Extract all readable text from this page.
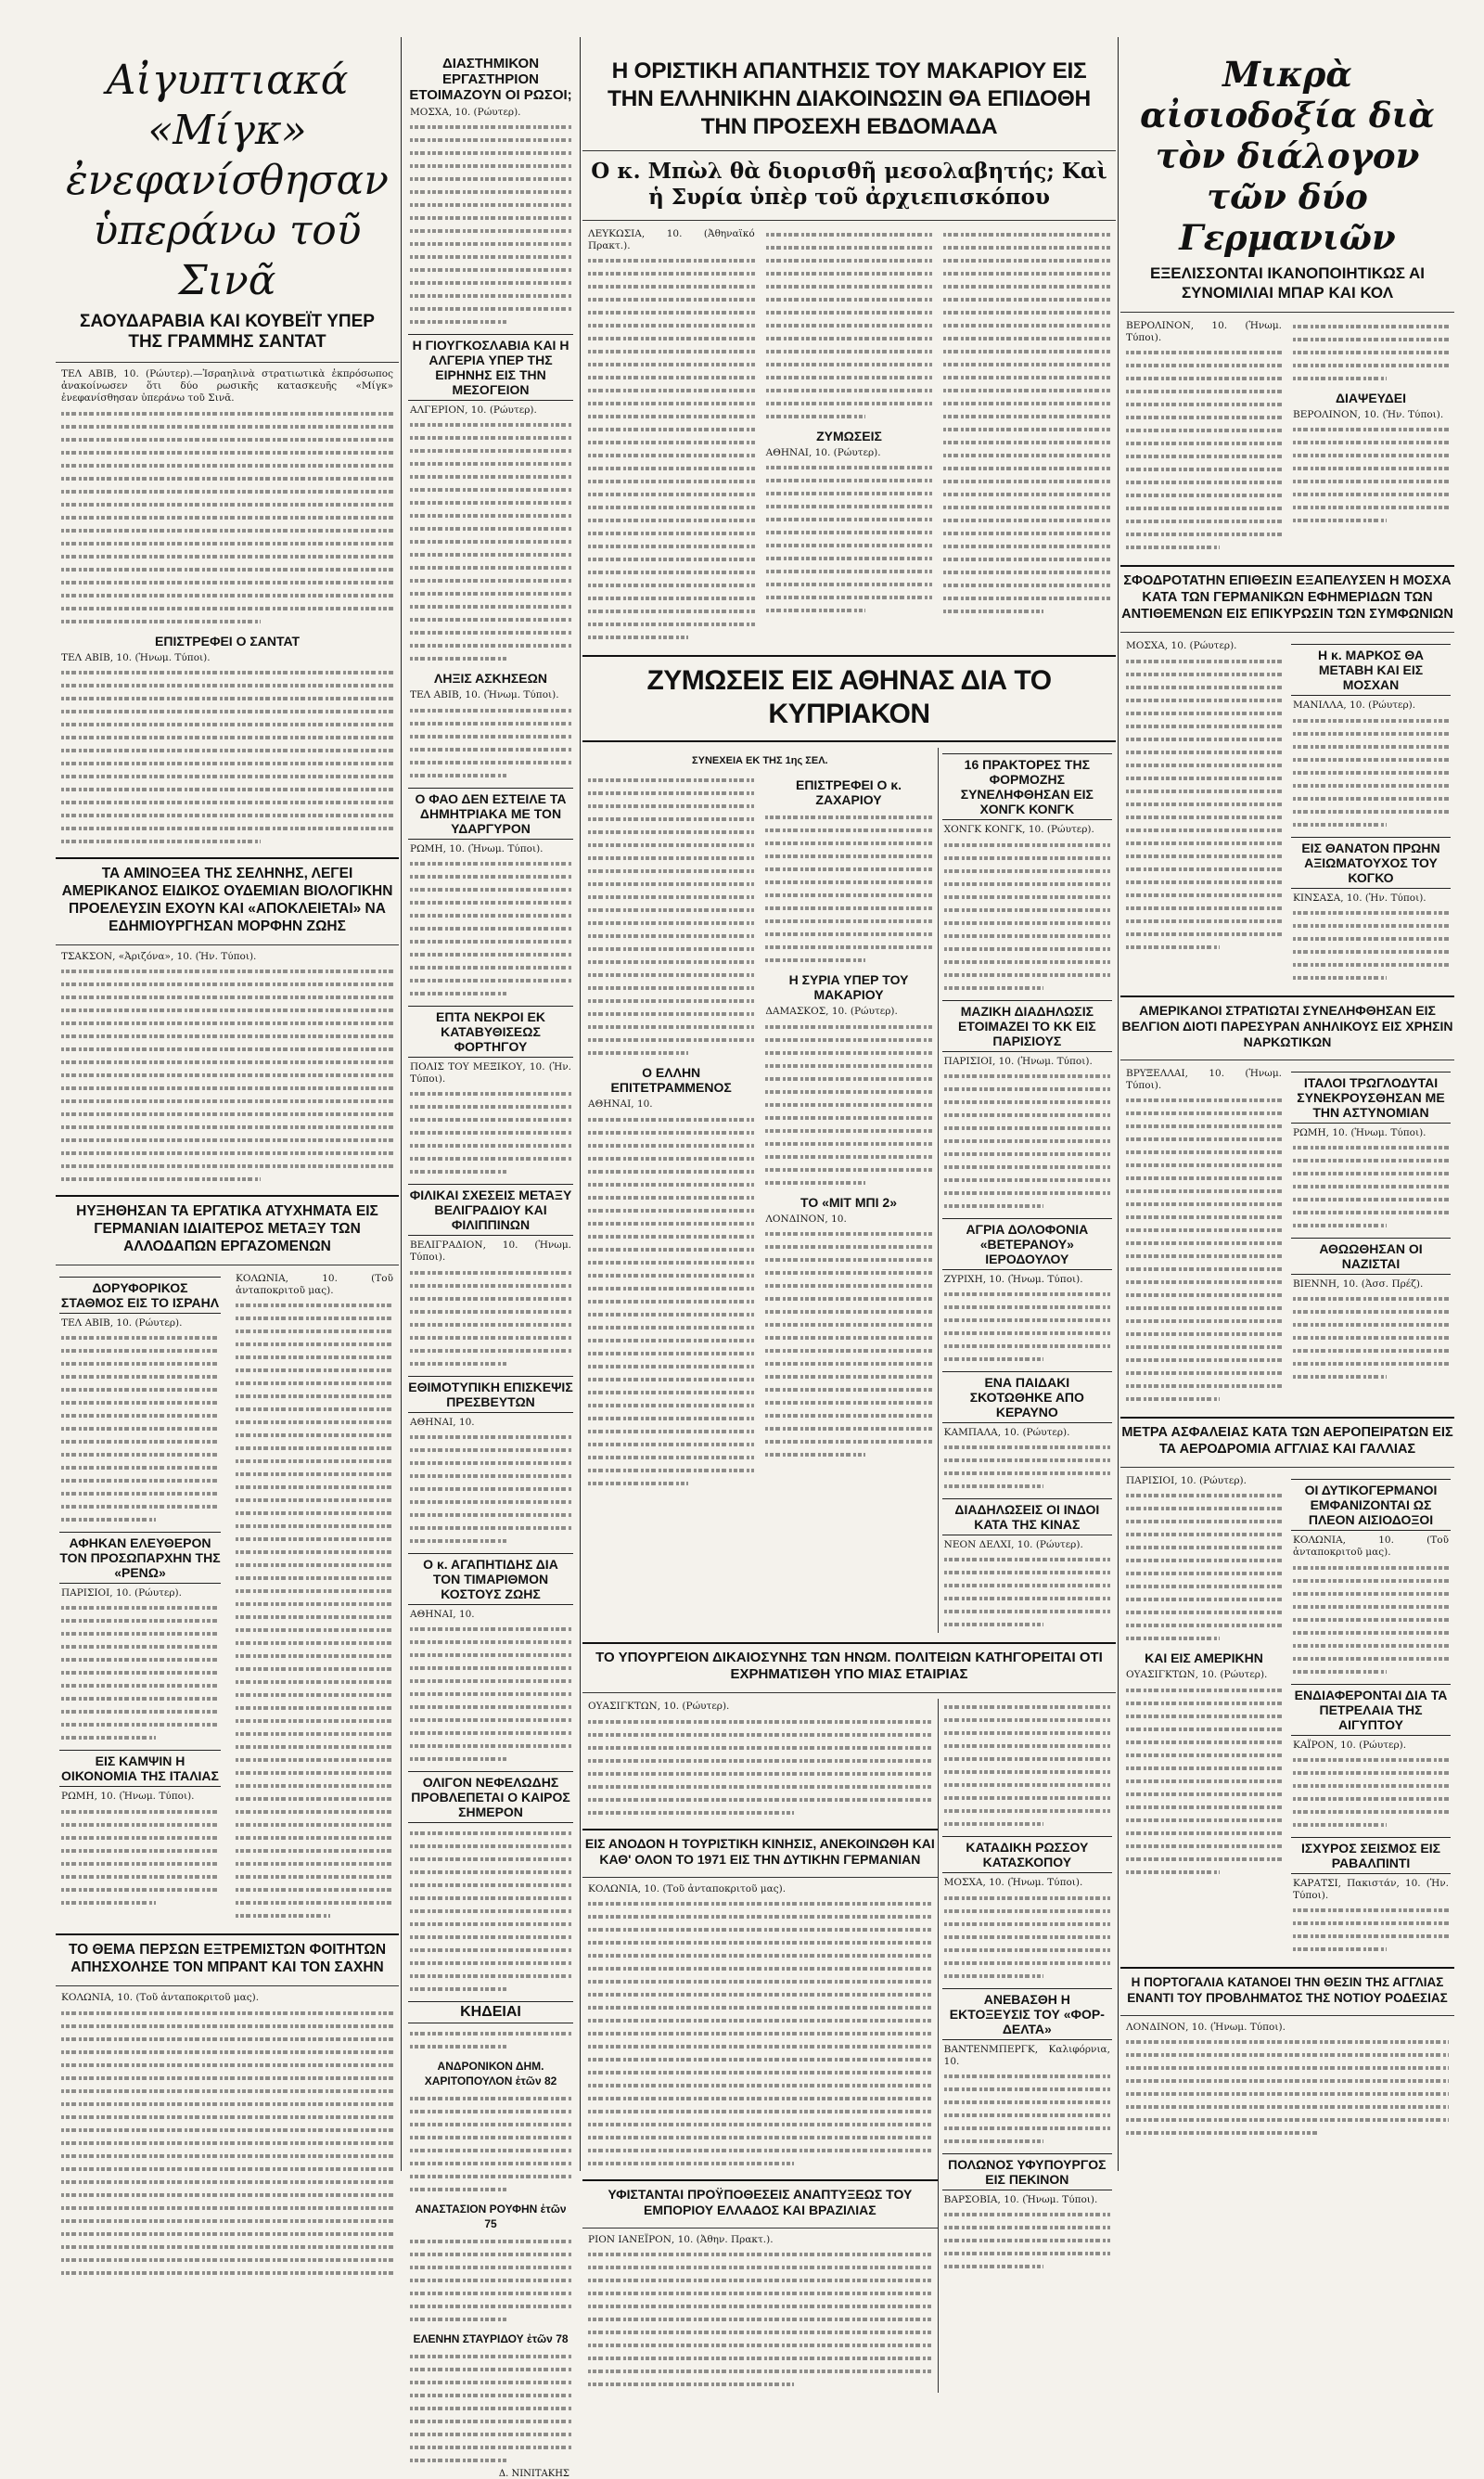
Αἰγυπτιακά «Μίγκ» ἐνεφανίσθησαν ὑπεράνω τοῦ Σινᾶ
ΣΑΟΥΔΑΡΑΒΙΑ ΚΑΙ ΚΟΥΒΕΪΤ ΥΠΕΡ ΤΗΣ ΓΡΑΜΜΗΣ ΣΑΝΤΑΤ
ΤΕΛ ΑΒΙΒ, 10. (Ρώυτερ).—Ἰσραηλινὰ στρατιωτικὰ ἐκπρόσωπος ἀνακοίνωσεν ὅτι δύο ρωσικῆς κατασκευῆς «Μίγκ» ἐνεφανίσθησαν ὑπεράνω τοῦ Σινᾶ.
ΕΠΙΣΤΡΕΦΕΙ Ο ΣΑΝΤΑΤ
ΤΕΛ ΑΒΙΒ, 10. (Ἡνωμ. Τύποι).
ΤΑ ΑΜΙΝΟΞΕΑ ΤΗΣ ΣΕΛΗΝΗΣ, ΛΕΓΕΙ ΑΜΕΡΙΚΑΝΟΣ ΕΙΔΙΚΟΣ ΟΥΔΕΜΙΑΝ ΒΙΟΛΟΓΙΚΗΝ ΠΡΟΕΛΕΥΣΙΝ ΕΧΟΥΝ ΚΑΙ «ΑΠΟΚΛΕΙΕΤΑΙ» ΝΑ ΕΔΗΜΙΟΥΡΓΗΣΑΝ ΜΟΡΦΗΝ ΖΩΗΣ
ΤΣΑΚΣΟΝ, «Ἀριζόνα», 10. (Ἡν. Τύποι).
ΗΥΞΗΘΗΣΑΝ ΤΑ ΕΡΓΑΤΙΚΑ ΑΤΥΧΗΜΑΤΑ ΕΙΣ ΓΕΡΜΑΝΙΑΝ ΙΔΙΑΙΤΕΡΟΣ ΜΕΤΑΞΥ ΤΩΝ ΑΛΛΟΔΑΠΩΝ ΕΡΓΑΖΟΜΕΝΩΝ
ΔΟΡΥΦΟΡΙΚΟΣ ΣΤΑΘΜΟΣ ΕΙΣ ΤΟ ΙΣΡΑΗΛ
ΤΕΛ ΑΒΙΒ, 10. (Ρώυτερ).
ΑΦΗΚΑΝ ΕΛΕΥΘΕΡΟΝ ΤΟΝ ΠΡΟΣΩΠΑΡΧΗΝ ΤΗΣ «ΡΕΝΩ»
ΠΑΡΙΣΙΟΙ, 10. (Ρώυτερ).
ΕΙΣ ΚΑΜΨΙΝ Η ΟΙΚΟΝΟΜΙΑ ΤΗΣ ΙΤΑΛΙΑΣ
ΡΩΜΗ, 10. (Ἡνωμ. Τύποι).
ΚΟΛΩΝΙΑ, 10. (Τοῦ ἀνταποκριτοῦ μας).
ΤΟ ΘΕΜΑ ΠΕΡΣΩΝ ΕΞΤΡΕΜΙΣΤΩΝ ΦΟΙΤΗΤΩΝ ΑΠΗΣΧΟΛΗΣΕ ΤΟΝ ΜΠΡΑΝΤ ΚΑΙ ΤΟΝ ΣΑΧΗΝ
ΚΟΛΩΝΙΑ, 10. (Τοῦ ἀνταποκριτοῦ μας).
ΔΙΑΣΤΗΜΙΚΟΝ ΕΡΓΑΣΤΗΡΙΟΝ ΕΤΟΙΜΑΖΟΥΝ ΟΙ ΡΩΣΟΙ;
ΜΟΣΧΑ, 10. (Ρώυτερ).
Η ΓΙΟΥΓΚΟΣΛΑΒΙΑ ΚΑΙ Η ΑΛΓΕΡΙΑ ΥΠΕΡ ΤΗΣ ΕΙΡΗΝΗΣ ΕΙΣ ΤΗΝ ΜΕΣΟΓΕΙΟΝ
ΑΛΓΕΡΙΟΝ, 10. (Ρώυτερ).
ΛΗΞΙΣ ΑΣΚΗΣΕΩΝ
ΤΕΛ ΑΒΙΒ, 10. (Ἡνωμ. Τύποι).
Ο ΦΑΟ ΔΕΝ ΕΣΤΕΙΛΕ ΤΑ ΔΗΜΗΤΡΙΑΚΑ ΜΕ ΤΟΝ ΥΔΑΡΓΥΡΟΝ
ΡΩΜΗ, 10. (Ἡνωμ. Τύποι).
ΕΠΤΑ ΝΕΚΡΟΙ ΕΚ ΚΑΤΑΒΥΘΙΣΕΩΣ ΦΟΡΤΗΓΟΥ
ΠΟΛΙΣ ΤΟΥ ΜΕΞΙΚΟΥ, 10. (Ἡν. Τύποι).
ΦΙΛΙΚΑΙ ΣΧΕΣΕΙΣ ΜΕΤΑΞΥ ΒΕΛΙΓΡΑΔΙΟΥ ΚΑΙ ΦΙΛΙΠΠΙΝΩΝ
ΒΕΛΙΓΡΑΔΙΟΝ, 10. (Ἡνωμ. Τύποι).
ΕΘΙΜΟΤΥΠΙΚΗ ΕΠΙΣΚΕΨΙΣ ΠΡΕΣΒΕΥΤΩΝ
ΑΘΗΝΑΙ, 10.
Ο κ. ΑΓΑΠΗΤΙΔΗΣ ΔΙΑ ΤΟΝ ΤΙΜΑΡΙΘΜΟΝ ΚΟΣΤΟΥΣ ΖΩΗΣ
ΑΘΗΝΑΙ, 10.
ΟΛΙΓΟΝ ΝΕΦΕΛΩΔΗΣ ΠΡΟΒΛΕΠΕΤΑΙ Ο ΚΑΙΡΟΣ ΣΗΜΕΡΟΝ
ΚΗΔΕΙΑΙ
ΑΝΔΡΟΝΙΚΟΝ ΔΗΜ. ΧΑΡΙΤΟΠΟΥΛΟΝ ἐτῶν 82
ΑΝΑΣΤΑΣΙΟΝ ΡΟΥΦΗΝ ἐτῶν 75
ΕΛΕΝΗΝ ΣΤΑΥΡΙΔΟΥ ἐτῶν 78
Δ. ΝΙΝΙΤΑΚΗΣ
Η ΟΡΙΣΤΙΚΗ ΑΠΑΝΤΗΣΙΣ ΤΟΥ ΜΑΚΑΡΙΟΥ ΕΙΣ ΤΗΝ ΕΛΛΗΝΙΚΗΝ ΔΙΑΚΟΙΝΩΣΙΝ ΘΑ ΕΠΙΔΟΘΗ ΤΗΝ ΠΡΟΣΕΧΗ ΕΒΔΟΜΑΔΑ
Ο κ. Μπὼλ θὰ διορισθῆ μεσολαβητής; Καὶ ἡ Συρία ὑπὲρ τοῦ ἀρχιεπισκόπου
ΛΕΥΚΩΣΙΑ, 10. (Ἀθηναϊκό Πρακτ.).
ΖΥΜΩΣΕΙΣ
ΑΘΗΝΑΙ, 10. (Ρώυτερ).
ΖΥΜΩΣΕΙΣ ΕΙΣ ΑΘΗΝΑΣ ΔΙΑ ΤΟ ΚΥΠΡΙΑΚΟΝ
ΣΥΝΕΧΕΙΑ ΕΚ ΤΗΣ 1ης ΣΕΛ.
Ο ΕΛΛΗΝ ΕΠΙΤΕΤΡΑΜΜΕΝΟΣ
ΑΘΗΝΑΙ, 10.
ΕΠΙΣΤΡΕΦΕΙ Ο κ. ΖΑΧΑΡΙΟΥ
Η ΣΥΡΙΑ ΥΠΕΡ ΤΟΥ ΜΑΚΑΡΙΟΥ
ΔΑΜΑΣΚΟΣ, 10. (Ρώυτερ).
ΤΟ «ΜΙΤ ΜΠΙ 2»
ΛΟΝΔΙΝΟΝ, 10.
16 ΠΡΑΚΤΟΡΕΣ ΤΗΣ ΦΟΡΜΟΖΗΣ ΣΥΝΕΛΗΦΘΗΣΑΝ ΕΙΣ ΧΟΝΓΚ ΚΟΝΓΚ
ΧΟΝΓΚ ΚΟΝΓΚ, 10. (Ρώυτερ).
ΜΑΖΙΚΗ ΔΙΑΔΗΛΩΣΙΣ ΕΤΟΙΜΑΖΕΙ ΤΟ ΚΚ ΕΙΣ ΠΑΡΙΣΙΟΥΣ
ΠΑΡΙΣΙΟΙ, 10. (Ἡνωμ. Τύποι).
ΑΓΡΙΑ ΔΟΛΟΦΟΝΙΑ «ΒΕΤΕΡΑΝΟΥ» ΙΕΡΟΔΟΥΛΟΥ
ΖΥΡΙΧΗ, 10. (Ἡνωμ. Τύποι).
ΕΝΑ ΠΑΙΔΑΚΙ ΣΚΟΤΩΘΗΚΕ ΑΠΟ ΚΕΡΑΥΝΟ
ΚΑΜΠΑΛΑ, 10. (Ρώυτερ).
ΔΙΑΔΗΛΩΣΕΙΣ ΟΙ ΙΝΔΟΙ ΚΑΤΑ ΤΗΣ ΚΙΝΑΣ
ΝΕΟΝ ΔΕΛΧΙ, 10. (Ρώυτερ).
ΤΟ ΥΠΟΥΡΓΕΙΟΝ ΔΙΚΑΙΟΣΥΝΗΣ ΤΩΝ ΗΝΩΜ. ΠΟΛΙΤΕΙΩΝ ΚΑΤΗΓΟΡΕΙΤΑΙ ΟΤΙ ΕΧΡΗΜΑΤΙΣΘΗ ΥΠΟ ΜΙΑΣ ΕΤΑΙΡΙΑΣ
ΟΥΑΣΙΓΚΤΩΝ, 10. (Ρώυτερ).
ΕΙΣ ΑΝΟΔΟΝ Η ΤΟΥΡΙΣΤΙΚΗ ΚΙΝΗΣΙΣ, ΑΝΕΚΟΙΝΩΘΗ ΚΑΙ ΚΑΘ' ΟΛΟΝ ΤΟ 1971 ΕΙΣ ΤΗΝ ΔΥΤΙΚΗΝ ΓΕΡΜΑΝΙΑΝ
ΚΟΛΩΝΙΑ, 10. (Τοῦ ἀνταποκριτοῦ μας).
ΥΦΙΣΤΑΝΤΑΙ ΠΡΟΫΠΟΘΕΣΕΙΣ ΑΝΑΠΤΥΞΕΩΣ ΤΟΥ ΕΜΠΟΡΙΟΥ ΕΛΛΑΔΟΣ ΚΑΙ ΒΡΑΖΙΛΙΑΣ
ΡΙΟΝ ΙΑΝΕΪΡΟΝ, 10. (Ἀθην. Πρακτ.).
ΚΑΤΑΔΙΚΗ ΡΩΣΣΟΥ ΚΑΤΑΣΚΟΠΟΥ
ΜΟΣΧΑ, 10. (Ἡνωμ. Τύποι).
ΑΝΕΒΑΣΘΗ Η ΕΚΤΟΞΕΥΣΙΣ ΤΟΥ «ΦΟΡ-ΔΕΛΤΑ»
ΒΑΝΤΕΝΜΠΕΡΓΚ, Καλιφόρνια, 10.
ΠΟΛΩΝΟΣ ΥΦΥΠΟΥΡΓΟΣ ΕΙΣ ΠΕΚΙΝΟΝ
ΒΑΡΣΟΒΙΑ, 10. (Ἡνωμ. Τύποι).
Μικρὰ αἰσιοδοξία διὰ τὸν διάλογον τῶν δύο Γερμανιῶν
ΕΞΕΛΙΣΣΟΝΤΑΙ ΙΚΑΝΟΠΟΙΗΤΙΚΩΣ ΑΙ ΣΥΝΟΜΙΛΙΑΙ ΜΠΑΡ ΚΑΙ ΚΟΛ
ΒΕΡΟΛΙΝΟΝ, 10. (Ἡνωμ. Τύποι).
ΔΙΑΨΕΥΔΕΙ
ΒΕΡΟΛΙΝΟΝ, 10. (Ἡν. Τύποι).
ΣΦΟΔΡΟΤΑΤΗΝ ΕΠΙΘΕΣΙΝ ΕΞΑΠΕΛΥΣΕΝ Η ΜΟΣΧΑ ΚΑΤΑ ΤΩΝ ΓΕΡΜΑΝΙΚΩΝ ΕΦΗΜΕΡΙΔΩΝ ΤΩΝ ΑΝΤΙΘΕΜΕΝΩΝ ΕΙΣ ΕΠΙΚΥΡΩΣΙΝ ΤΩΝ ΣΥΜΦΩΝΙΩΝ
ΜΟΣΧΑ, 10. (Ρώυτερ).
Η κ. ΜΑΡΚΟΣ ΘΑ ΜΕΤΑΒΗ ΚΑΙ ΕΙΣ ΜΟΣΧΑΝ
ΜΑΝΙΛΛΑ, 10. (Ρώυτερ).
ΕΙΣ ΘΑΝΑΤΟΝ ΠΡΩΗΝ ΑΞΙΩΜΑΤΟΥΧΟΣ ΤΟΥ ΚΟΓΚΟ
ΚΙΝΣΑΣΑ, 10. (Ἡν. Τύποι).
ΑΜΕΡΙΚΑΝΟΙ ΣΤΡΑΤΙΩΤΑΙ ΣΥΝΕΛΗΦΘΗΣΑΝ ΕΙΣ ΒΕΛΓΙΟΝ ΔΙΟΤΙ ΠΑΡΕΣΥΡΑΝ ΑΝΗΛΙΚΟΥΣ ΕΙΣ ΧΡΗΣΙΝ ΝΑΡΚΩΤΙΚΩΝ
ΒΡΥΞΕΛΛΑΙ, 10. (Ἡνωμ. Τύποι).	ΙΤΑΛΟΙ ΤΡΩΓΛΟΔΥΤΑΙ ΣΥΝΕΚΡΟΥΣΘΗΣΑΝ ΜΕ ΤΗΝ ΑΣΤΥΝΟΜΙΑΝ
ΡΩΜΗ, 10. (Ἡνωμ. Τύποι).
ΑΘΩΩΘΗΣΑΝ ΟΙ ΝΑΖΙΣΤΑΙ
ΒΙΕΝΝΗ, 10. (Ἀσσ. Πρέζ).
ΜΕΤΡΑ ΑΣΦΑΛΕΙΑΣ ΚΑΤΑ ΤΩΝ ΑΕΡΟΠΕΙΡΑΤΩΝ ΕΙΣ ΤΑ ΑΕΡΟΔΡΟΜΙΑ ΑΓΓΛΙΑΣ ΚΑΙ ΓΑΛΛΙΑΣ
ΠΑΡΙΣΙΟΙ, 10. (Ρώυτερ).
ΚΑΙ ΕΙΣ ΑΜΕΡΙΚΗΝ
ΟΥΑΣΙΓΚΤΩΝ, 10. (Ρώυτερ).
ΟΙ ΔΥΤΙΚΟΓΕΡΜΑΝΟΙ ΕΜΦΑΝΙΖΟΝΤΑΙ ΩΣ ΠΛΕΟΝ ΑΙΣΙΟΔΟΞΟΙ
ΚΟΛΩΝΙΑ, 10. (Τοῦ ἀνταποκριτοῦ μας).
ΕΝΔΙΑΦΕΡΟΝΤΑΙ ΔΙΑ ΤΑ ΠΕΤΡΕΛΑΙΑ ΤΗΣ ΑΙΓΥΠΤΟΥ
ΚΑΪΡΟΝ, 10. (Ρώυτερ).
ΙΣΧΥΡΟΣ ΣΕΙΣΜΟΣ ΕΙΣ ΡΑΒΑΛΠΙΝΤΙ
ΚΑΡΑΤΣΙ, Πακιστάν, 10. (Ἡν. Τύποι).
Η ΠΟΡΤΟΓΑΛΙΑ ΚΑΤΑΝΟΕΙ ΤΗΝ ΘΕΣΙΝ ΤΗΣ ΑΓΓΛΙΑΣ ΕΝΑΝΤΙ ΤΟΥ ΠΡΟΒΛΗΜΑΤΟΣ ΤΗΣ ΝΟΤΙΟΥ ΡΟΔΕΣΙΑΣ
ΛΟΝΔΙΝΟΝ, 10. (Ἡνωμ. Τύποι).
